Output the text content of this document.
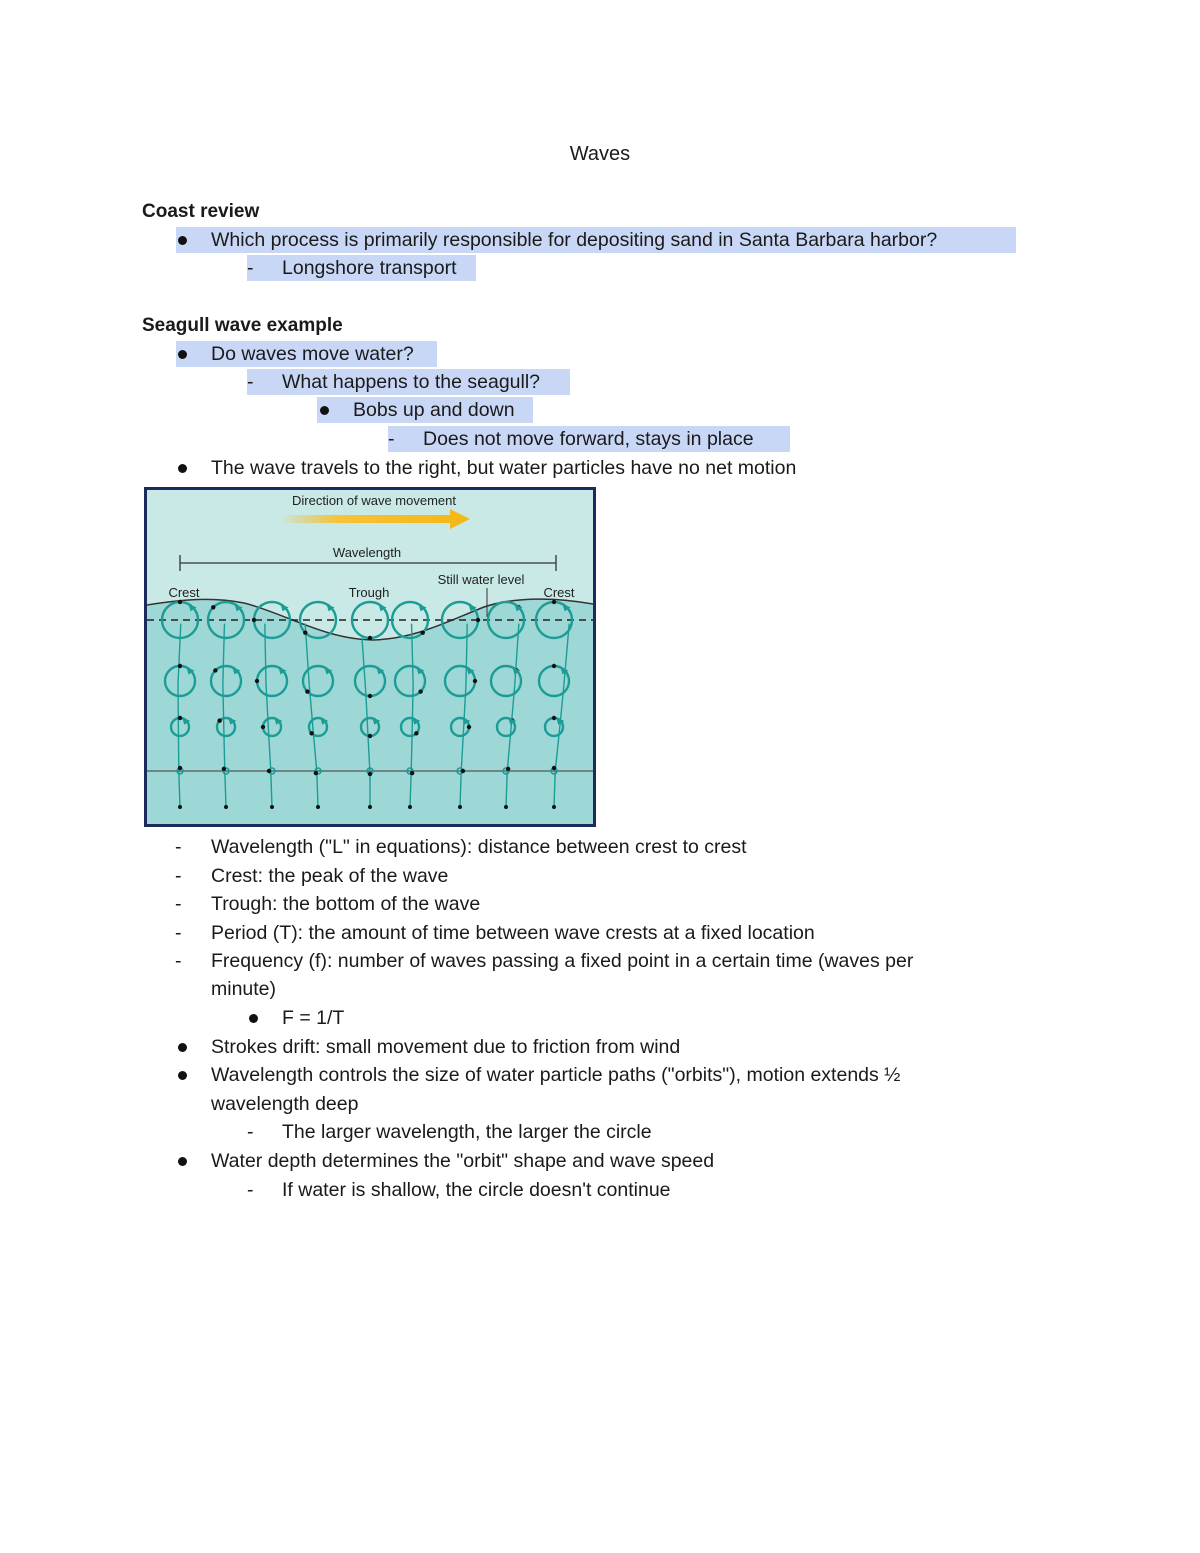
Waves
Coast review
Which process is primarily responsible for depositing sand in Santa Barbara harbor?
- Longshore transport
Seagull wave example
Do waves move water?
- What happens to the seagull?
Bobs up and down
- Does not move forward, stays in place
The wave travels to the right, but water particles have no net motion
Direction of wave movement
Wavelength
Still water level
Crest	Trough	Crest
- Wavelength ("L" in equations): distance between crest to crest
- Crest: the peak of the wave
- Trough: the bottom of the wave
- Period (T): the amount of time between wave crests at a fixed location
- Frequency (f): number of waves passing a fixed point in a certain time (waves per
minute)
F = 1/T
Strokes drift: small movement due to friction from wind
Wavelength controls the size of water particle paths ("orbits"), motion extends ½
wavelength deep
- The larger wavelength, the larger the circle
Water depth determines the "orbit" shape and wave speed
- If water is shallow, the circle doesn't continue
